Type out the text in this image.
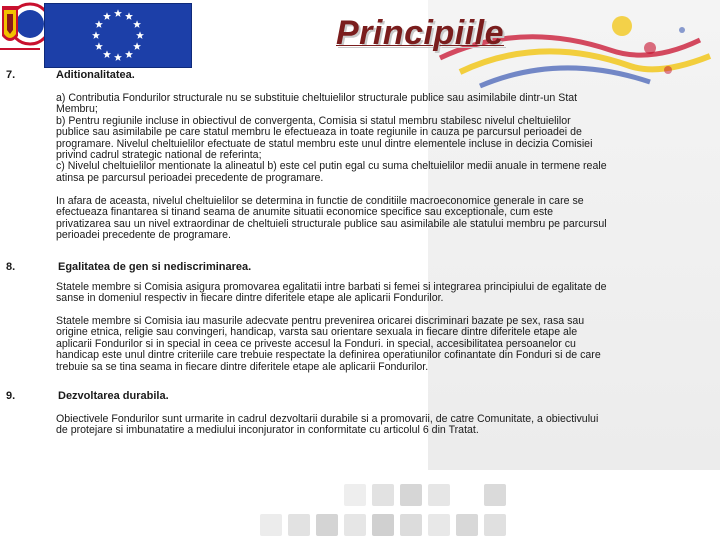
Principiile
7.	Aditionalitatea.

a) Contributia Fondurilor structurale nu se substituie cheltuielilor structurale publice sau asimilabile dintr-un Stat
Membru;
b) Pentru regiunile incluse in obiectivul de convergenta, Comisia si statul membru stabilesc nivelul cheltuielilor
publice sau asimilabile pe care statul membru le efectueaza in toate regiunile in cauza pe parcursul perioadei de
programare. Nivelul cheltuielilor efectuate de statul membru este unul dintre elementele incluse in decizia Comisiei
privind cadrul strategic national de referinta;
c) Nivelul cheltuielilor mentionate la alineatul b) este cel putin egal cu suma cheltuielilor medii anuale in termene reale
atinsa pe parcursul perioadei precedente de programare.

In afara de aceasta, nivelul cheltuielilor se determina in functie de conditiile macroeconomice generale in care se
efectueaza finantarea si tinand seama de anumite situatii economice specifice sau exceptionale, cum este
privatizarea sau un nivel extraordinar de cheltuieli structurale publice sau asimilabile ale statului membru pe parcursul
perioadei precedente de programare.

8.	Egalitatea de gen si nediscriminarea.

Statele membre si Comisia asigura promovarea egalitatii intre barbati si femei si integrarea principiului de egalitate de
sanse in domeniul respectiv in fiecare dintre diferitele etape ale aplicarii Fondurilor.

Statele membre si Comisia iau masurile adecvate pentru prevenirea oricarei discriminari bazate pe sex, rasa sau
origine etnica, religie sau convingeri, handicap, varsta sau orientare sexuala in fiecare dintre diferitele etape ale
aplicarii Fondurilor si in special in ceea ce priveste accesul la Fonduri. in special, accesibilitatea persoanelor cu
handicap este unul dintre criteriile care trebuie respectate la definirea operatiunilor cofinantate din Fonduri si de care
trebuie sa se tina seama in fiecare dintre diferitele etape ale aplicarii Fondurilor.

9.	Dezvoltarea durabila.

Obiectivele Fondurilor sunt urmarite in cadrul dezvoltarii durabile si a promovarii, de catre Comunitate, a obiectivului
de protejare si imbunatatire a mediului inconjurator in conformitate cu articolul 6 din Tratat.
